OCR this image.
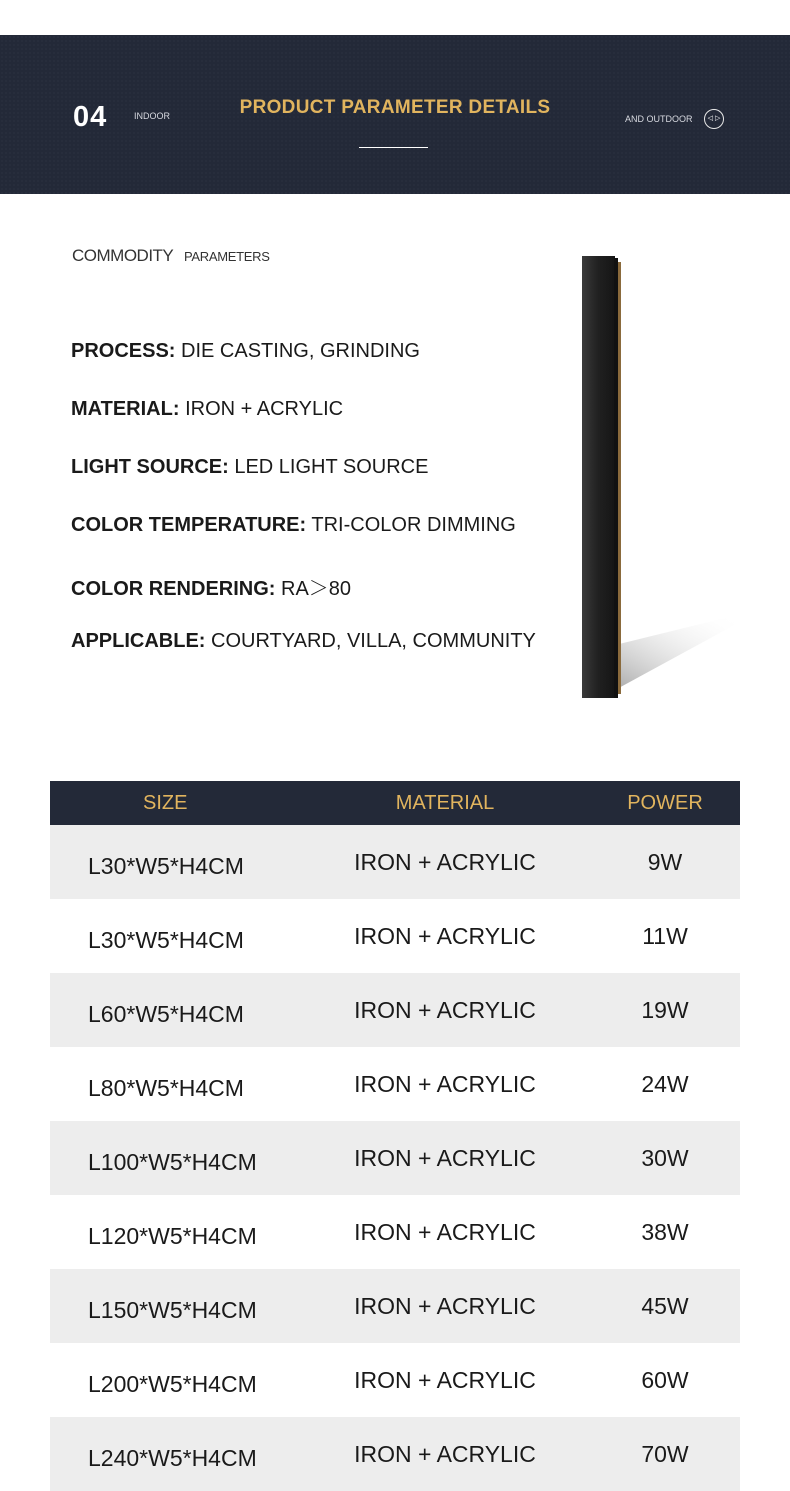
04	INDOOR	PRODUCT PARAMETER DETAILS
AND OUTDOOR	◁ ▷
COMMODITY PARAMETERS
PROCESS: DIE CASTING, GRINDING
MATERIAL: IRON + ACRYLIC
LIGHT SOURCE: LED LIGHT SOURCE
COLOR TEMPERATURE: TRI-COLOR DIMMING
COLOR RENDERING: RA＞80
APPLICABLE: COURTYARD, VILLA, COMMUNITY
SIZE	MATERIAL	POWER
L30*W5*H4CM	IRON + ACRYLIC	9W
L30*W5*H4CM	IRON + ACRYLIC	11W
L60*W5*H4CM	IRON + ACRYLIC	19W
L80*W5*H4CM	IRON + ACRYLIC	24W
L100*W5*H4CM	IRON + ACRYLIC	30W
L120*W5*H4CM	IRON + ACRYLIC	38W
L150*W5*H4CM	IRON + ACRYLIC	45W
L200*W5*H4CM	IRON + ACRYLIC	60W
L240*W5*H4CM	IRON + ACRYLIC	70W
